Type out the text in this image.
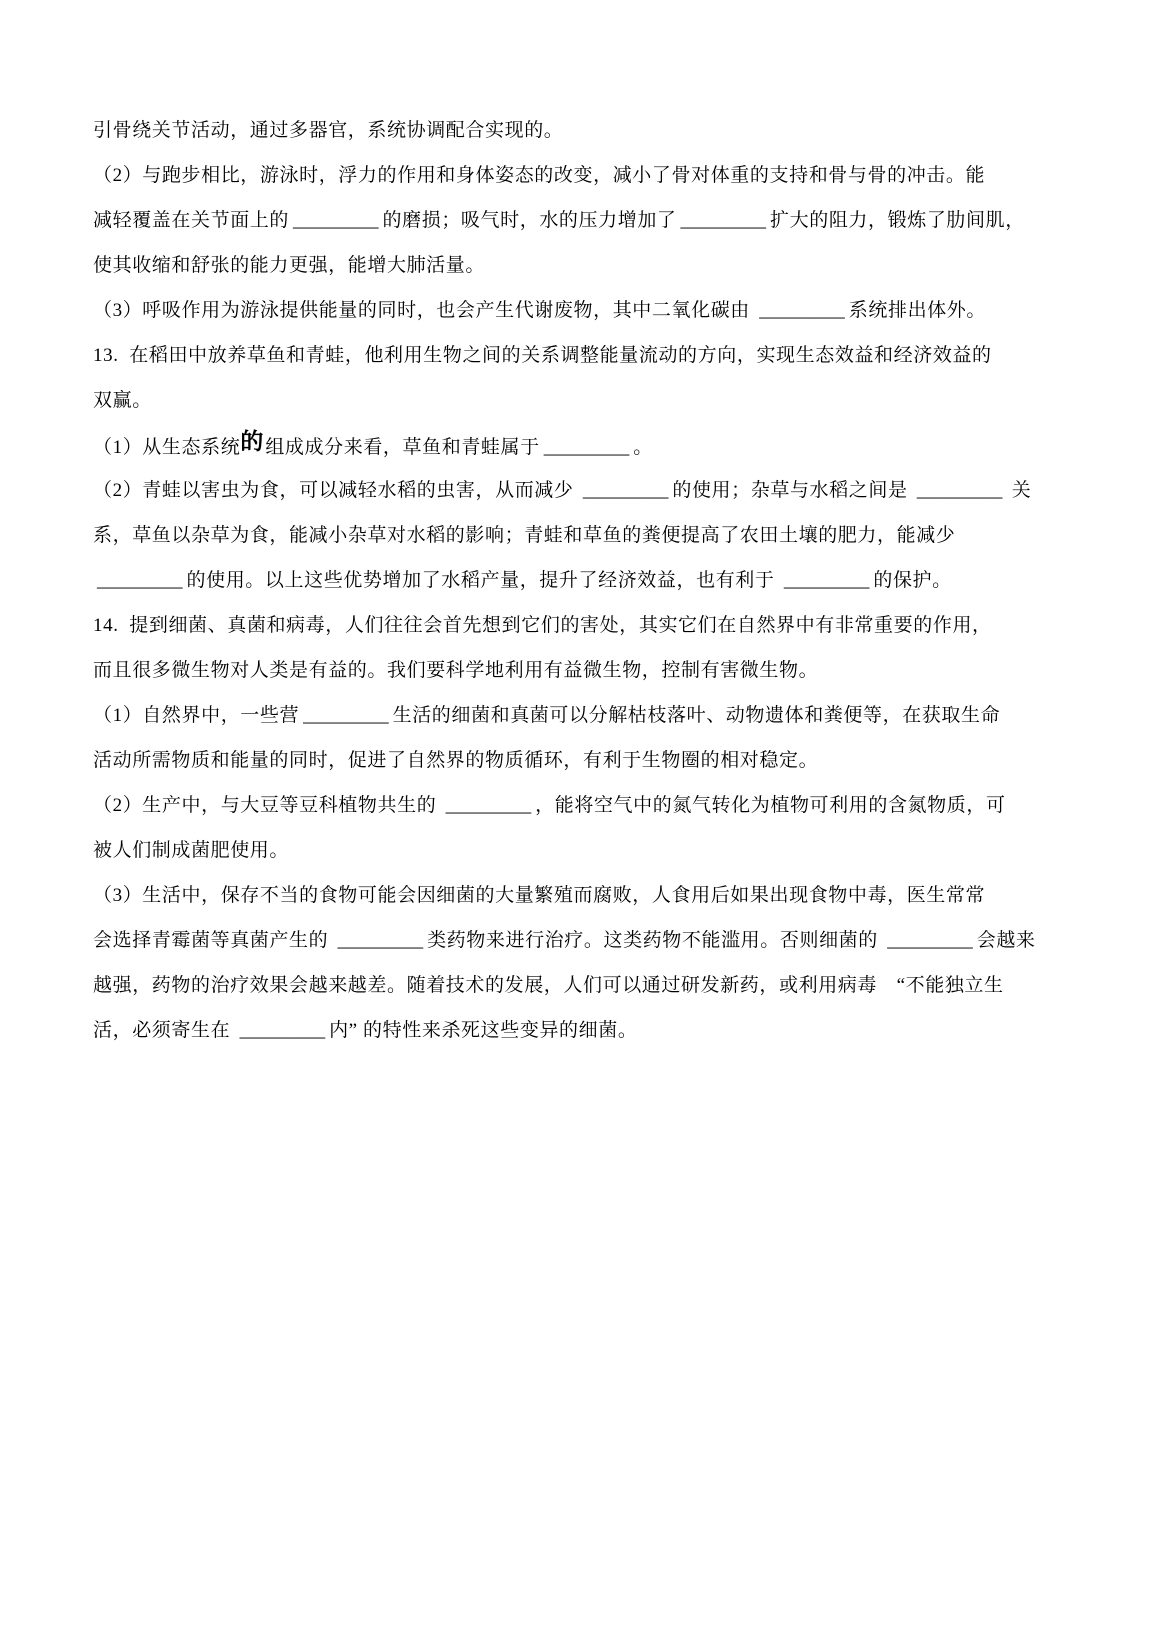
引骨绕关节活动，通过多器官，系统协调配合实现的。
（2）与跑步相比，游泳时，浮力的作用和身体姿态的改变，减小了骨对体重的支持和骨与骨的冲击。能
减轻覆盖在关节面上的 _________ 的磨损；吸气时，水的压力增加了 _________ 扩大的阻力，锻炼了肋间肌，
使其收缩和舒张的能力更强，能增大肺活量。
（3）呼吸作用为游泳提供能量的同时，也会产生代谢废物，其中二氧化碳由 _________ 系统排出体外。
13.  在稻田中放养草鱼和青蛙，他利用生物之间的关系调整能量流动的方向，实现生态效益和经济效益的
双赢。
（1）从生态系统的 组成成分来看，草鱼和青蛙属于 _________ 。
（2）青蛙以害虫为食，可以减轻水稻的虫害，从而减少 _________ 的使用；杂草与水稻之间是 _________ 关
系，草鱼以杂草为食，能减小杂草对水稻的影响；青蛙和草鱼的粪便提高了农田土壤的肥力，能减少
_________ 的使用。以上这些优势增加了水稻产量，提升了经济效益，也有利于 _________ 的保护。
14.  提到细菌、真菌和病毒，人们往往会首先想到它们的害处，其实它们在自然界中有非常重要的作用，
而且很多微生物对人类是有益的。我们要科学地利用有益微生物，控制有害微生物。
（1）自然界中，一些营 _________ 生活的细菌和真菌可以分解枯枝落叶、动物遗体和粪便等，在获取生命
活动所需物质和能量的同时，促进了自然界的物质循环，有利于生物圈的相对稳定。
（2）生产中，与大豆等豆科植物共生的 _________ ，能将空气中的氮气转化为植物可利用的含氮物质，可
被人们制成菌肥使用。
（3）生活中，保存不当的食物可能会因细菌的大量繁殖而腐败，人食用后如果出现食物中毒，医生常常
会选择青霉菌等真菌产生的 _________ 类药物来进行治疗。这类药物不能滥用。否则细菌的 _________ 会越来
越强，药物的治疗效果会越来越差。随着技术的发展，人们可以通过研发新药，或利用病毒　“不能独立生
活，必须寄生在 _________ 内” 的特性来杀死这些变异的细菌。
